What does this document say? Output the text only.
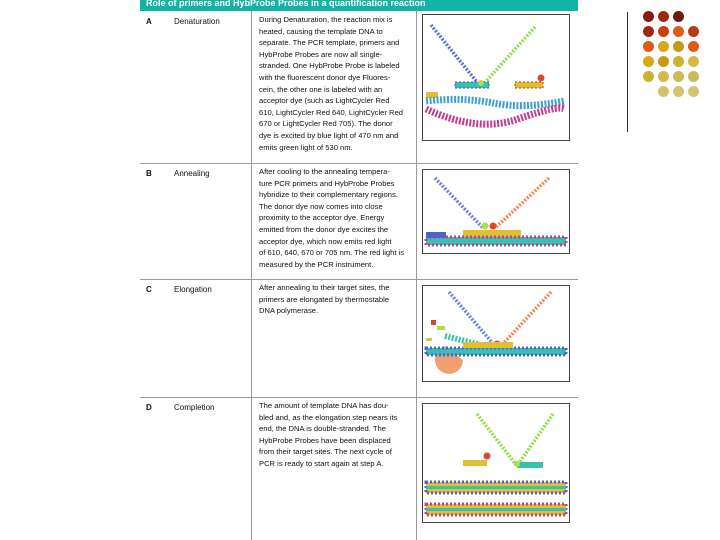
Role of primers and HybProbe Probes in a quantification reaction
A	Denaturation	During Denaturation, the reaction mix is
heated, causing the template DNA to
separate. The PCR template, primers and
HybProbe Probes are now all single-
stranded. One HybProbe Probe is labeled
with the fluorescent donor dye Fluores-
cein, the other one is labeled with an
acceptor dye (such as LightCycler Red
610, LightCycler Red 640, LightCycler Red
670 or LightCycler Red 705). The donor
dye is excited by blue light of 470 nm and
emits green light of 530 nm.
B	Annealing	After cooling to the annealing tempera-
ture PCR primers and HybProbe Probes
hybridize to their complementary regions.
The donor dye now comes into close
proximity to the acceptor dye. Energy
emitted from the donor dye excites the
acceptor dye, which now emits red light
of 610, 640, 670 or 705 nm. The red light is
measured by the PCR instrument.
C	Elongation	After annealing to their target sites, the
primers are elongated by thermostable
DNA polymerase.
D	Completion	The amount of template DNA has dou-
bled and, as the elongation step nears its
end, the DNA is double-stranded. The
HybProbe Probes have been displaced
from their target sites. The next cycle of
PCR is ready to start again at step A.
